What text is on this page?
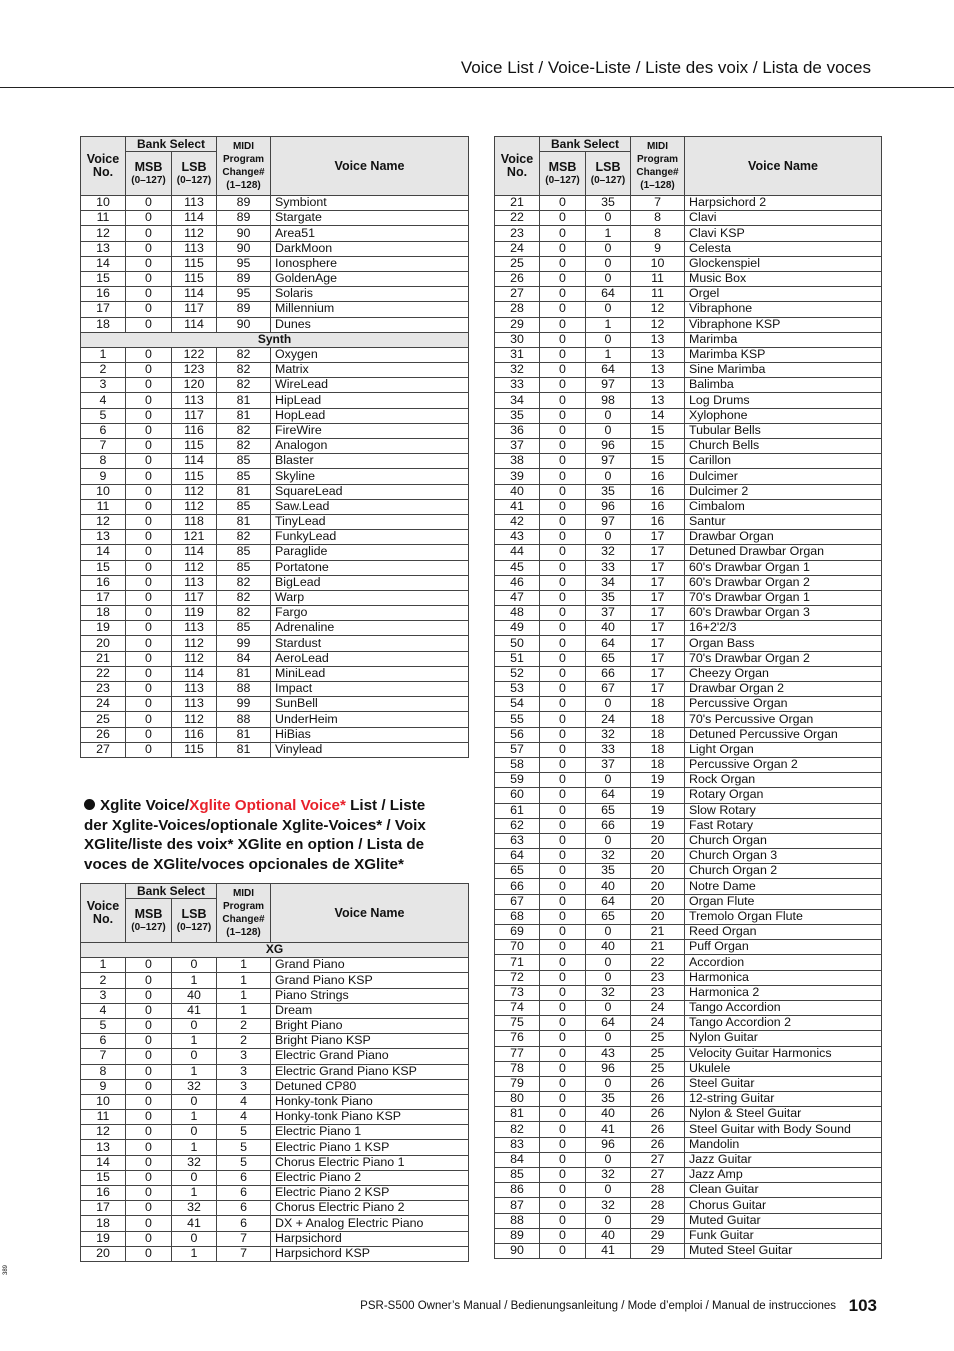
Voice List / Voice-Liste / Liste des voix / Lista de voces
Voice
No.	Bank Select		MIDI
Program
Change#
(1–128)	Voice Name
	MSB
(0–127)	LSB
(0–127)		

10	0	113	89	Symbiont
11	0	114	89	Stargate
12	0	112	90	Area51
13	0	113	90	DarkMoon
14	0	115	95	Ionosphere
15	0	115	89	GoldenAge
16	0	114	95	Solaris
17	0	117	89	Millennium
18	0	114	90	Dunes
Synth				
1	0	122	82	Oxygen
2	0	123	82	Matrix
3	0	120	82	WireLead
4	0	113	81	HipLead
5	0	117	81	HopLead
6	0	116	82	FireWire
7	0	115	82	Analogon
8	0	114	85	Blaster
9	0	115	85	Skyline
10	0	112	81	SquareLead
11	0	112	85	Saw.Lead
12	0	118	81	TinyLead
13	0	121	82	FunkyLead
14	0	114	85	Paraglide
15	0	112	85	Portatone
16	0	113	82	BigLead
17	0	117	82	Warp
18	0	119	82	Fargo
19	0	113	85	Adrenaline
20	0	112	99	Stardust
21	0	112	84	AeroLead
22	0	114	81	MiniLead
23	0	113	88	Impact
24	0	113	99	SunBell
25	0	112	88	UnderHeim
26	0	116	81	HiBias
27	0	115	81	Vinylead
Voice
No.	Bank Select		MIDI
Program
Change#
(1–128)	Voice Name
	MSB
(0–127)	LSB
(0–127)		

21	0	35	7	Harpsichord 2
22	0	0	8	Clavi
23	0	1	8	Clavi KSP
24	0	0	9	Celesta
25	0	0	10	Glockenspiel
26	0	0	11	Music Box
27	0	64	11	Orgel
28	0	0	12	Vibraphone
29	0	1	12	Vibraphone KSP
30	0	0	13	Marimba
31	0	1	13	Marimba KSP
32	0	64	13	Sine Marimba
33	0	97	13	Balimba
34	0	98	13	Log Drums
35	0	0	14	Xylophone
36	0	0	15	Tubular Bells
37	0	96	15	Church Bells
38	0	97	15	Carillon
39	0	0	16	Dulcimer
40	0	35	16	Dulcimer 2
41	0	96	16	Cimbalom
42	0	97	16	Santur
43	0	0	17	Drawbar Organ
44	0	32	17	Detuned Drawbar Organ
45	0	33	17	60's Drawbar Organ 1
46	0	34	17	60's Drawbar Organ 2
47	0	35	17	70's Drawbar Organ 1
48	0	37	17	60's Drawbar Organ 3
49	0	40	17	16+2'2/3
50	0	64	17	Organ Bass
51	0	65	17	70's Drawbar Organ 2
52	0	66	17	Cheezy Organ
53	0	67	17	Drawbar Organ 2
54	0	0	18	Percussive Organ
55	0	24	18	70's Percussive Organ
56	0	32	18	Detuned Percussive Organ
57	0	33	18	Light Organ
58	0	37	18	Percussive Organ 2
59	0	0	19	Rock Organ
60	0	64	19	Rotary Organ
61	0	65	19	Slow Rotary
62	0	66	19	Fast Rotary
63	0	0	20	Church Organ
64	0	32	20	Church Organ 3
65	0	35	20	Church Organ 2
66	0	40	20	Notre Dame
67	0	64	20	Organ Flute
68	0	65	20	Tremolo Organ Flute
69	0	0	21	Reed Organ
70	0	40	21	Puff Organ
71	0	0	22	Accordion
72	0	0	23	Harmonica
73	0	32	23	Harmonica 2
74	0	0	24	Tango Accordion
75	0	64	24	Tango Accordion 2
76	0	0	25	Nylon Guitar
77	0	43	25	Velocity Guitar Harmonics
78	0	96	25	Ukulele
79	0	0	26	Steel Guitar
80	0	35	26	12-string Guitar
81	0	40	26	Nylon & Steel Guitar
82	0	41	26	Steel Guitar with Body Sound
83	0	96	26	Mandolin
84	0	0	27	Jazz Guitar
85	0	32	27	Jazz Amp
86	0	0	28	Clean Guitar
87	0	32	28	Chorus Guitar
88	0	0	29	Muted Guitar
89	0	40	29	Funk Guitar
90	0	41	29	Muted Steel Guitar
Xglite Voice/Xglite Optional Voice* List / Liste
der Xglite-Voices/optionale Xglite-Voices* / Voix
XGlite/liste des voix* XGlite en option / Lista de
voces de XGlite/voces opcionales de XGlite*
Voice
No.	Bank Select		MIDI
Program
Change#
(1–128)	Voice Name
	MSB
(0–127)	LSB
(0–127)		

XG				
1	0	0	1	Grand Piano
2	0	1	1	Grand Piano KSP
3	0	40	1	Piano Strings
4	0	41	1	Dream
5	0	0	2	Bright Piano
6	0	1	2	Bright Piano KSP
7	0	0	3	Electric Grand Piano
8	0	1	3	Electric Grand Piano KSP
9	0	32	3	Detuned CP80
10	0	0	4	Honky-tonk Piano
11	0	1	4	Honky-tonk Piano KSP
12	0	0	5	Electric Piano 1
13	0	1	5	Electric Piano 1 KSP
14	0	32	5	Chorus Electric Piano 1
15	0	0	6	Electric Piano 2
16	0	1	6	Electric Piano 2 KSP
17	0	32	6	Chorus Electric Piano 2
18	0	41	6	DX + Analog Electric Piano
19	0	0	7	Harpsichord
20	0	1	7	Harpsichord KSP
389
PSR-S500 Owner’s Manual / Bedienungsanleitung / Mode d’emploi / Manual de instrucciones 103
